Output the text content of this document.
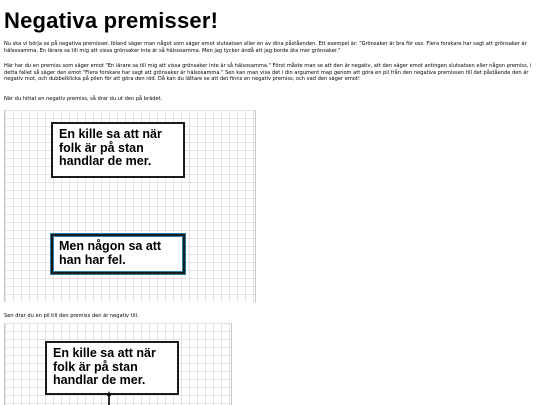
Negativa premisser!

Nu ska vi börja se på negativa premisser. Ibland säger man något som säger emot slutsatsen eller en av dina påståenden. Ett exempel är: "Grönsaker är bra för oss. Flera forskare har sagt att grönsaker är hälsosamma. En lärare sa till mig att vissa grönsaker inte är så hälsosamma. Men jag tycker ändå att jag borde äta mer grönsaker."

Här har du en premiss som säger emot "En lärare sa till mig att vissa grönsaker inte är så hälsosamma." Först måste man se att den är negativ, att den säger emot antingen slutsatsen eller någon premiss, i detta fallet så säger den emot "Flera forskare har sagt att grönsaker är hälsosamma." Sen kan man visa det i din argument map genom att göra en pil från den negativa premissen till det påstående den är negativ mot, och dubbelklicka på pilen för att göra den röd. Då kan du lättare se att det finns en negativ premiss, och vad den säger emot!

När du hittat en negativ premiss, så drar du ut den på brädet.

En kille sa att när folk är på stan handlar de mer.
Men någon sa att han har fel.

Sen drar du en pil till den premiss den är negativ till.

En kille sa att när folk är på stan handlar de mer.
